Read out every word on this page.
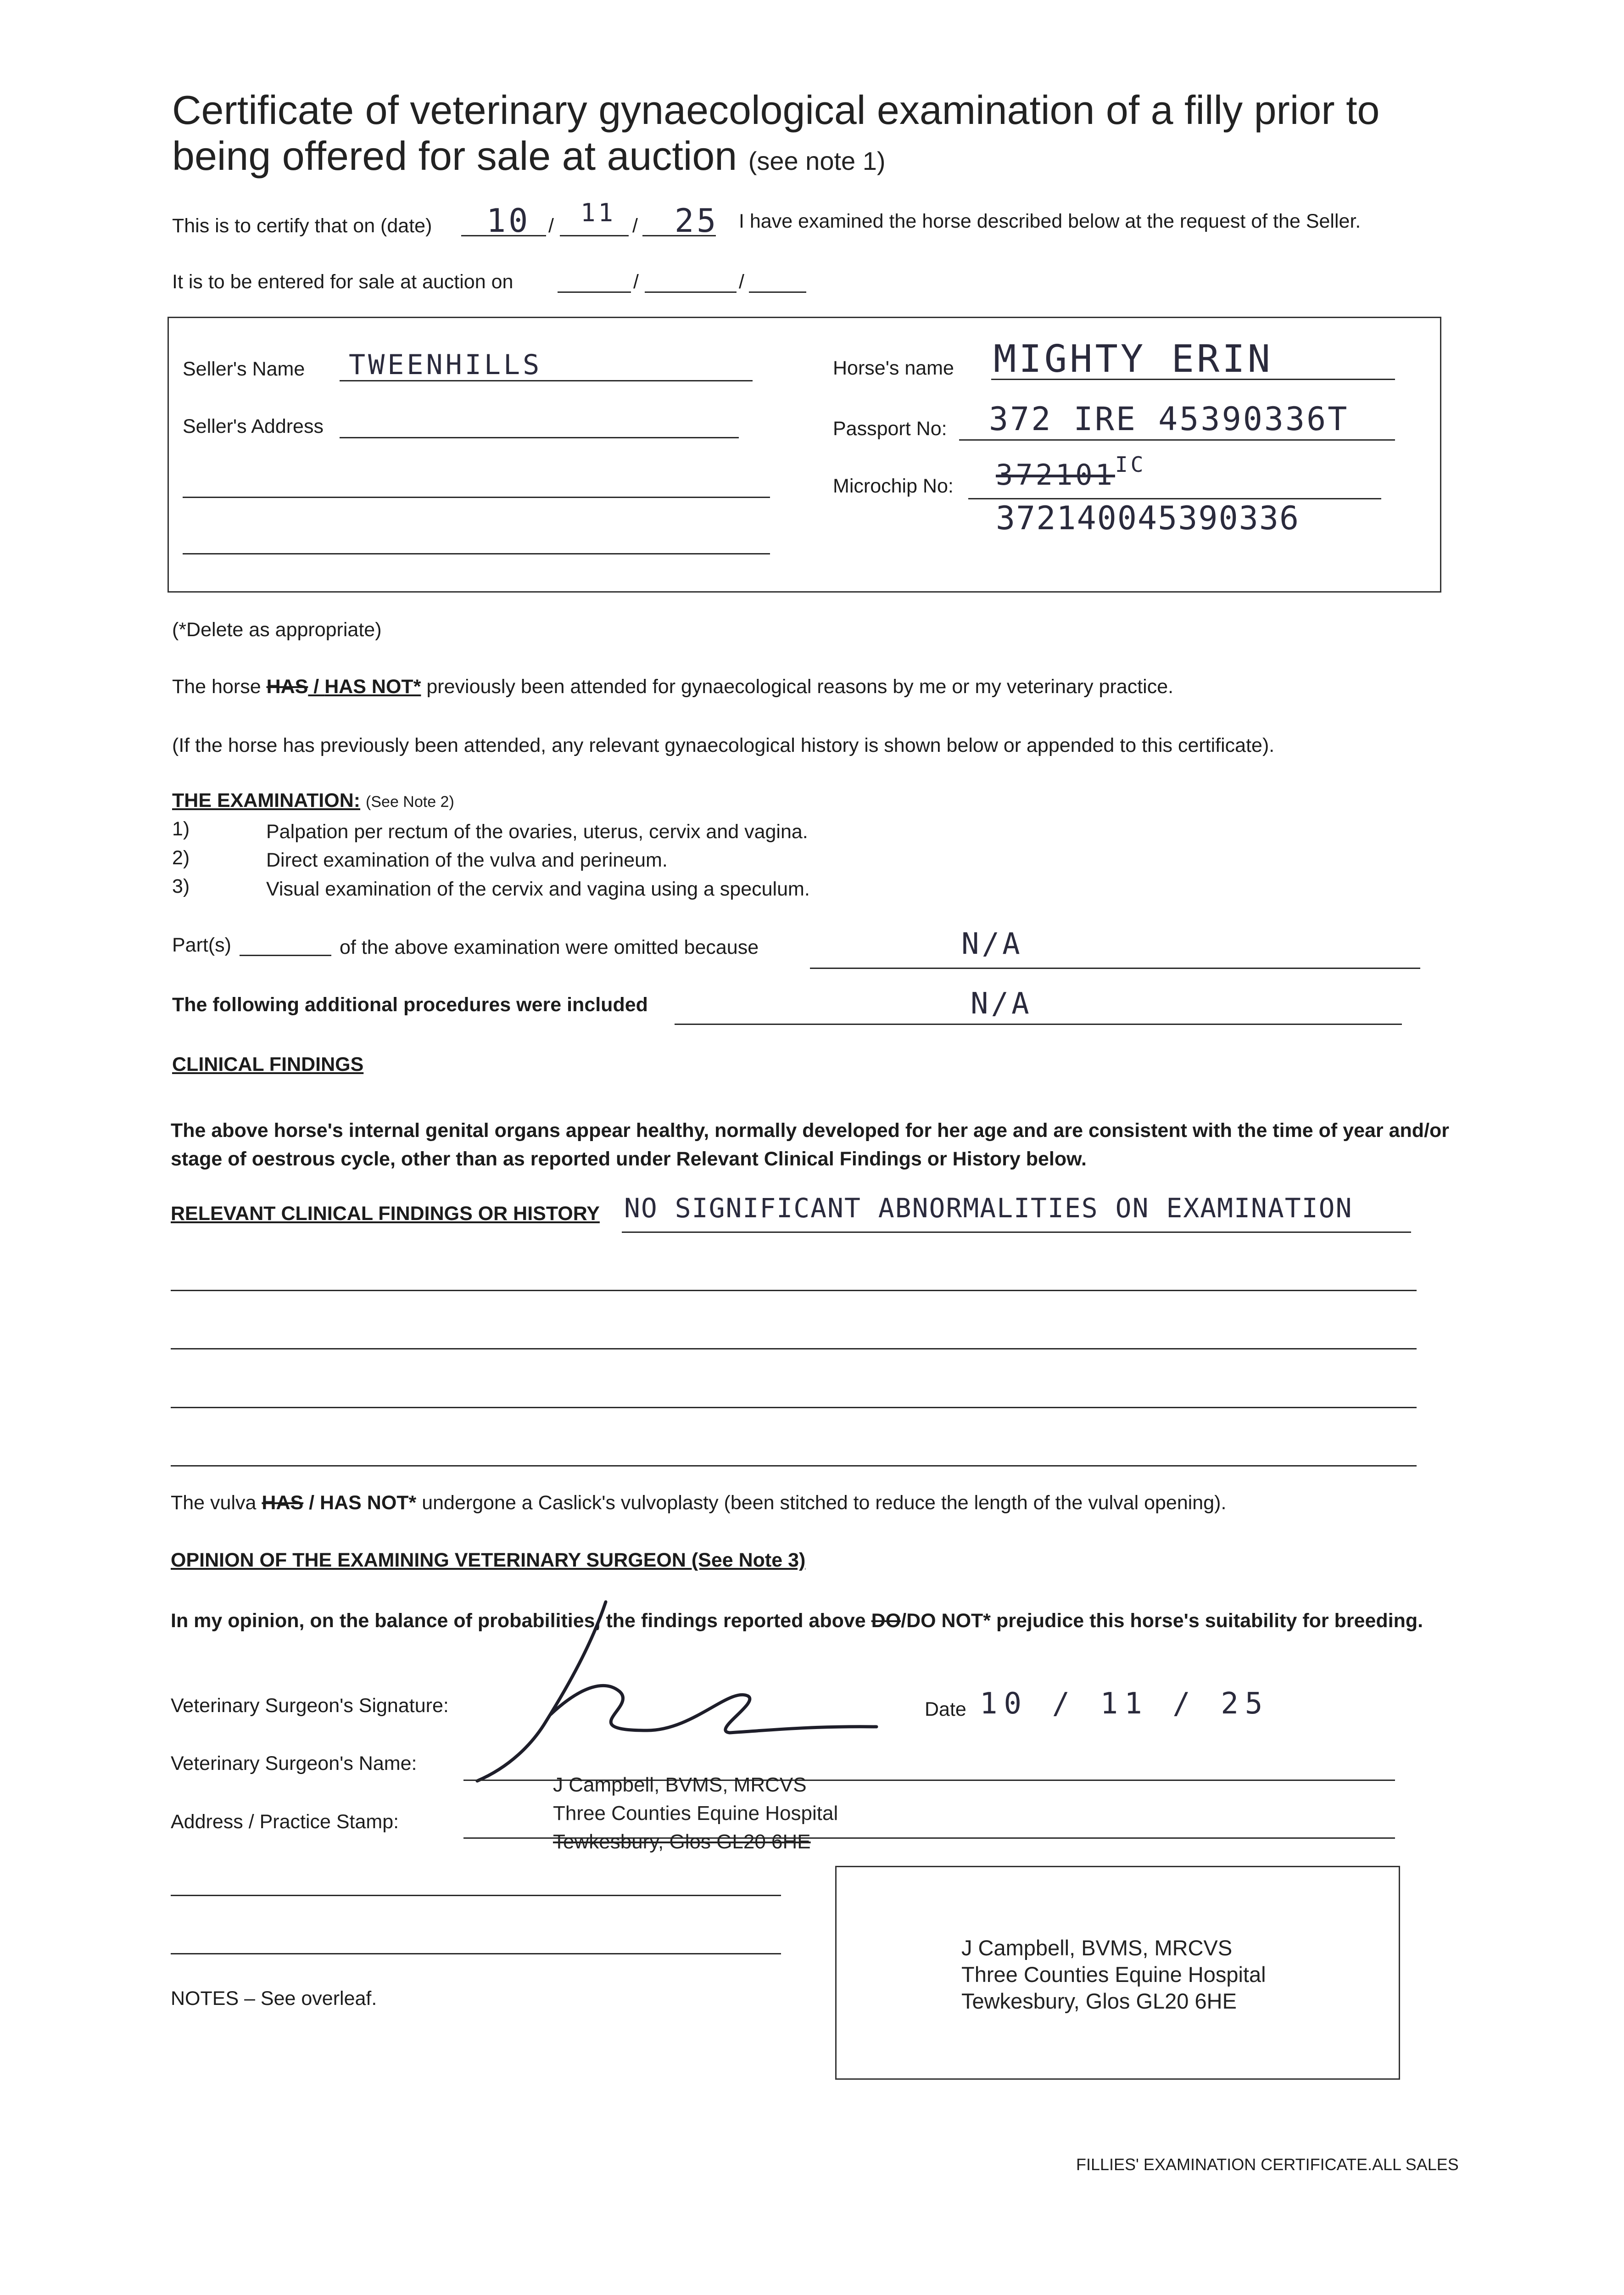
Certificate of veterinary gynaecological examination of a filly prior to being offered for sale at auction (see note 1)
This is to certify that on (date) 10 / 11 / 25 I have examined the horse described below at the request of the Seller.
It is to be entered for sale at auction on	/	/
Seller's Name TWEENHILLS
Seller's Address
Horse's name MIGHTY ERIN
Passport No: 372 IRE 45390336T
Microchip No: 372101 IC
372140045390336
(*Delete as appropriate)
The horse HAS / HAS NOT* previously been attended for gynaecological reasons by me or my veterinary practice.
(If the horse has previously been attended, any relevant gynaecological history is shown below or appended to this certificate).
THE EXAMINATION: (See Note 2)
1)	Palpation per rectum of the ovaries, uterus, cervix and vagina.
2)	Direct examination of the vulva and perineum.
3)	Visual examination of the cervix and vagina using a speculum.
Part(s)	of the above examination were omitted because	N/A
The following additional procedures were included	N/A
CLINICAL FINDINGS
The above horse's internal genital organs appear healthy, normally developed for her age and are consistent with the time of year and/or stage of oestrous cycle, other than as reported under Relevant Clinical Findings or History below.
RELEVANT CLINICAL FINDINGS OR HISTORY NO SIGNIFICANT ABNORMALITIES ON EXAMINATION
The vulva HAS / HAS NOT* undergone a Caslick's vulvoplasty (been stitched to reduce the length of the vulval opening).
OPINION OF THE EXAMINING VETERINARY SURGEON (See Note 3)
In my opinion, on the balance of probabilities, the findings reported above DO/DO NOT* prejudice this horse's suitability for breeding.
Veterinary Surgeon's Signature:	Date 10 / 11 / 25
Veterinary Surgeon's Name:
Address / Practice Stamp:
J Campbell, BVMS, MRCVS
Three Counties Equine Hospital
Tewkesbury, Glos GL20 6HE
NOTES – See overleaf.
J Campbell, BVMS, MRCVS
Three Counties Equine Hospital
Tewkesbury, Glos GL20 6HE
FILLIES' EXAMINATION CERTIFICATE.ALL SALES
